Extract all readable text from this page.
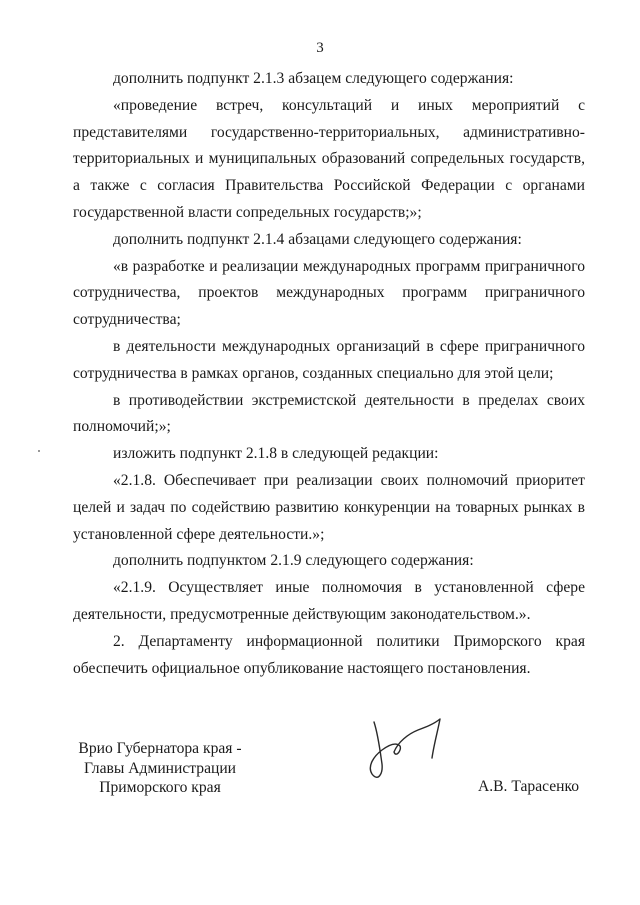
3

дополнить подпункт 2.1.3 абзацем следующего содержания:

«проведение встреч, консультаций и иных мероприятий с представителями государственно-территориальных, административно-территориальных и муниципальных образований сопредельных государств, а также с согласия Правительства Российской Федерации с органами государственной власти сопредельных государств;»;

дополнить подпункт 2.1.4 абзацами следующего содержания:

«в разработке и реализации международных программ приграничного сотрудничества, проектов международных программ приграничного сотрудничества;

в деятельности международных организаций в сфере приграничного сотрудничества в рамках органов, созданных специально для этой цели;

в противодействии экстремистской деятельности в пределах своих полномочий;»;

изложить подпункт 2.1.8 в следующей редакции:

«2.1.8. Обеспечивает при реализации своих полномочий приоритет целей и задач по содействию развитию конкуренции на товарных рынках в установленной сфере деятельности.»;

дополнить подпунктом 2.1.9 следующего содержания:

«2.1.9. Осуществляет иные полномочия в установленной сфере деятельности, предусмотренные действующим законодательством.».

2. Департаменту информационной политики Приморского края обеспечить официальное опубликование настоящего постановления.

Врио Губернатора края -
Главы Администрации
Приморского края	А.В. Тарасенко
